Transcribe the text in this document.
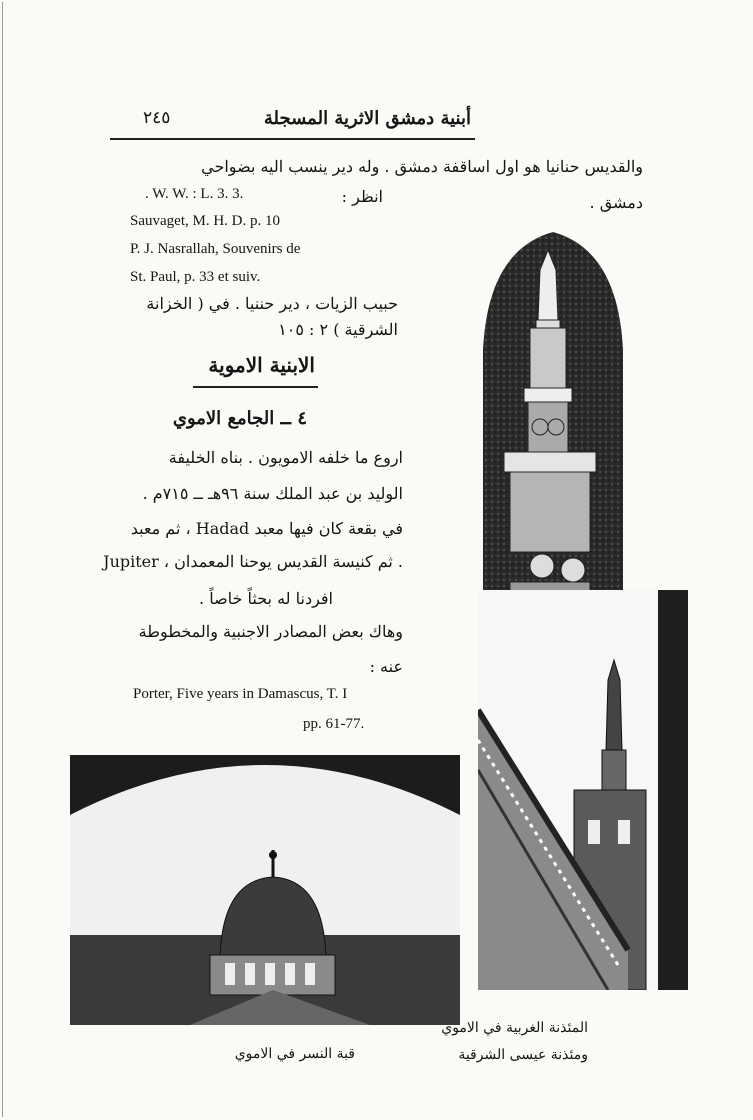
أبنية دمشق الاثرية المسجلة
٢٤٥
والقديس حنانيا هو اول اساقفة دمشق . وله دير ينسب اليه بضواحي
دمشق .
انظر :
. W. W. : L. 3. 3.
Sauvaget, M. H. D. p. 10
P. J. Nasrallah, Souvenirs de
St. Paul, p. 33 et suiv.
حبيب الزيات ، دير حننيا . في ( الخزانة
الشرقية ) ٢ : ١٠٥
الابنية الاموية
٤ ــ الجامع الاموي
اروع ما خلفه الامويون . بناه الخليفة
الوليد بن عبد الملك سنة ٩٦هـ ــ ٧١٥م .
في بقعة كان فيها معبد Hadad ، ثم معبد
Jupiter ، ثم كنيسة القديس يوحنا المعمدان .
افردنا له بحثاً خاصاً .
وهاك بعض المصادر الاجنبية والمخطوطة
عنه :
Porter, Five years in Damascus, T. I
pp. 61-77.
قبة النسر في الاموي
المئذنة الغربية في الاموي
ومئذنة عيسى الشرقية
